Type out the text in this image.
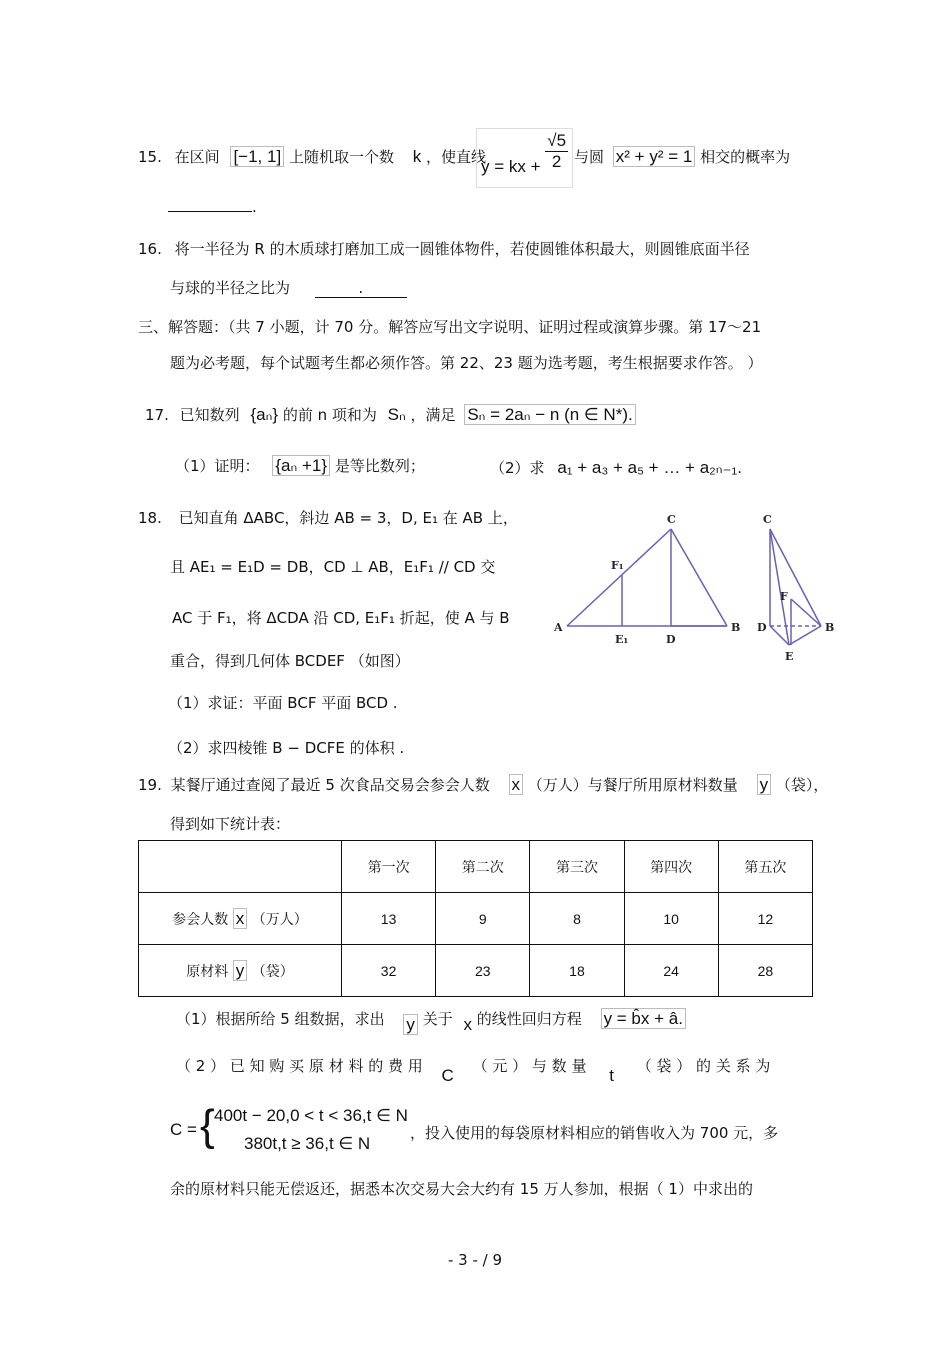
15. 在区间 [−1, 1] 上随机取一个数 k ，使直线
y = kx + $\frac{√5}{2}$ 与圆 x² + y² = 1 相交的概率为
.
16. 将一半径为 R 的木质球打磨加工成一圆锥体物件，若使圆锥体积最大，则圆锥底面半径
与球的半径之比为	.
三、解答题：（共 7 小题，计 70 分。解答应写出文字说明、证明过程或演算步骤。第 17～21
题为必考题，每个试题考生都必须作答。第 22、23 题为选考题，考生根据要求作答。 ）
17. 已知数列 {aₙ} 的前 n 项和为 Sₙ ，满足 Sₙ = 2aₙ − n (n ∈ N*).
（1）证明： {aₙ +1} 是等比数列；	（2）求 a₁ + a₃ + a₅ + … + a₂ₙ₋₁.
18. 已知直角 ΔABC，斜边 AB = 3，D, E₁ 在 AB 上，
且 AE₁ = E₁D = DB，CD ⊥ AB，E₁F₁ // CD 交
AC 于 F₁，将 ΔCDA 沿 CD, E₁F₁ 折起，使 A 与 B
重合，得到几何体 BCDEF （如图）
（1）求证：平面 BCF 平面 BCD .
（2）求四棱锥 B − DCFE 的体积 .
C
F₁
A
E₁	D
B
C
F
D	B
E
19. 某餐厅通过查阅了最近 5 次食品交易会参会人数 x （万人）与餐厅所用原材料数量 y （袋），
得到如下统计表：
	第一次	第二次	第三次	第四次	第五次
参会人数 x （万人）	13	9	8	10	12
原材料 y （袋）	32	23	18	24	28
（1）根据所给 5 组数据，求出 y 关于 x 的线性回归方程 y = b̂x + â.
（ 2 ） 已 知 购 买 原 材 料 的 费 用 C （ 元 ） 与 数 量 t （ 袋 ） 的 关 系 为
C = { 400t − 20,0 < t < 36,t ∈ N
380t,t ≥ 36,t ∈ N
，投入使用的每袋原材料相应的销售收入为 700 元，多
余的原材料只能无偿返还，据悉本次交易大会大约有 15 万人参加，根据（ 1）中求出的
- 3 - / 9
